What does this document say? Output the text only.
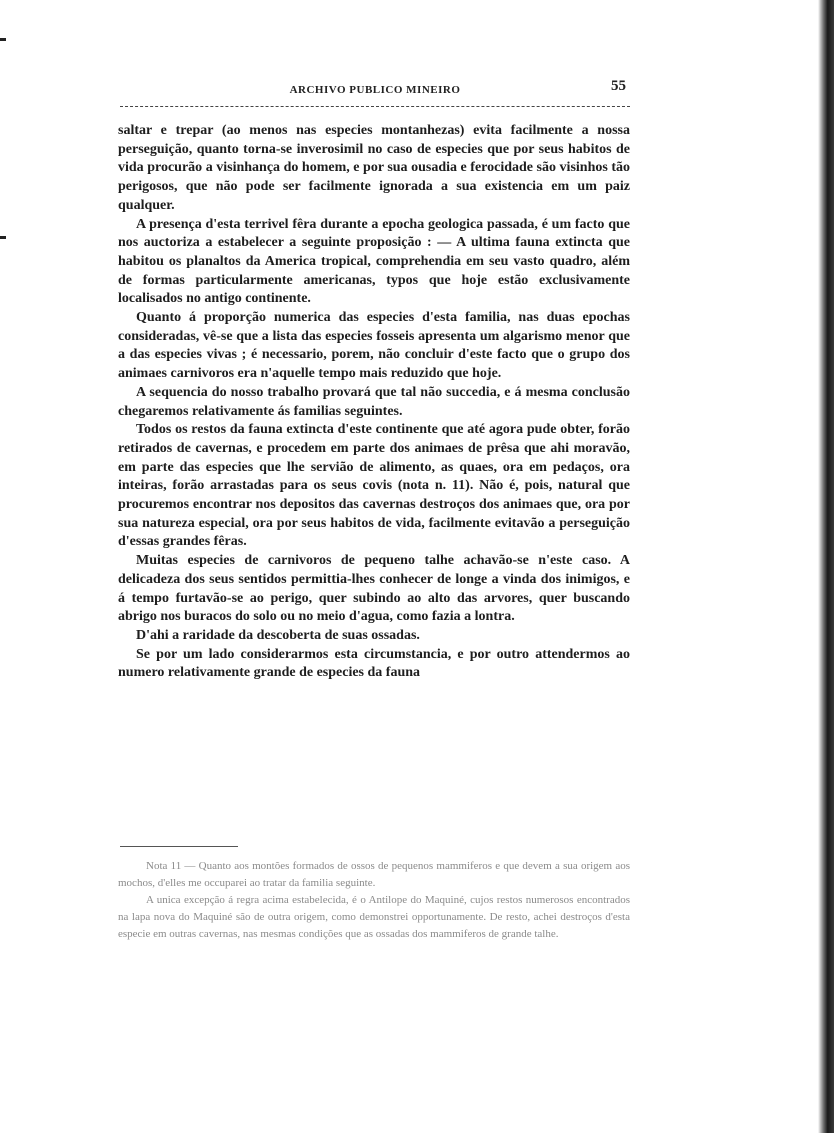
ARCHIVO PUBLICO MINEIRO	55

saltar e trepar (ao menos nas especies montanhezas) evita facilmente a nossa perseguição, quanto torna-se inverosimil no caso de especies que por seus habitos de vida procurão a visinhança do homem, e por sua ousadia e ferocidade são visinhos tão perigosos, que não pode ser facilmente ignorada a sua existencia em um paiz qualquer.

A presença d'esta terrivel fêra durante a epocha geologica passada, é um facto que nos auctoriza a estabelecer a seguinte proposição : — A ultima fauna extincta que habitou os planaltos da America tropical, comprehendia em seu vasto quadro, além de formas particularmente americanas, typos que hoje estão exclusivamente localisados no antigo continente.

Quanto á proporção numerica das especies d'esta familia, nas duas epochas consideradas, vê-se que a lista das especies fosseis apresenta um algarismo menor que a das especies vivas ; é necessario, porem, não concluir d'este facto que o grupo dos animaes carnivoros era n'aquelle tempo mais reduzido que hoje.

A sequencia do nosso trabalho provará que tal não succedia, e á mesma conclusão chegaremos relativamente ás familias seguintes.

Todos os restos da fauna extincta d'este continente que até agora pude obter, forão retirados de cavernas, e procedem em parte dos animaes de prêsa que ahi moravão, em parte das especies que lhe servião de alimento, as quaes, ora em pedaços, ora inteiras, forão arrastadas para os seus covis (nota n. 11). Não é, pois, natural que procuremos encontrar nos depositos das cavernas destroços dos animaes que, ora por sua natureza especial, ora por seus habitos de vida, facilmente evitavão a perseguição d'essas grandes fêras.

Muitas especies de carnivoros de pequeno talhe achavão-se n'este caso. A delicadeza dos seus sentidos permittia-lhes conhecer de longe a vinda dos inimigos, e á tempo furtavão-se ao perigo, quer subindo ao alto das arvores, quer buscando abrigo nos buracos do solo ou no meio d'agua, como fazia a lontra.

D'ahi a raridade da descoberta de suas ossadas.

Se por um lado considerarmos esta circumstancia, e por outro attendermos ao numero relativamente grande de especies da fauna

Nota 11 — Quanto aos montões formados de ossos de pequenos mammiferos e que devem a sua origem aos mochos, d'elles me occuparei ao tratar da familia seguinte.

A unica excepção á regra acima estabelecida, é o Antilope do Maquiné, cujos restos numerosos encontrados na lapa nova do Maquiné são de outra origem, como demonstrei opportunamente. De resto, achei destroços d'esta especie em outras cavernas, nas mesmas condições que as ossadas dos mammiferos de grande talhe.
